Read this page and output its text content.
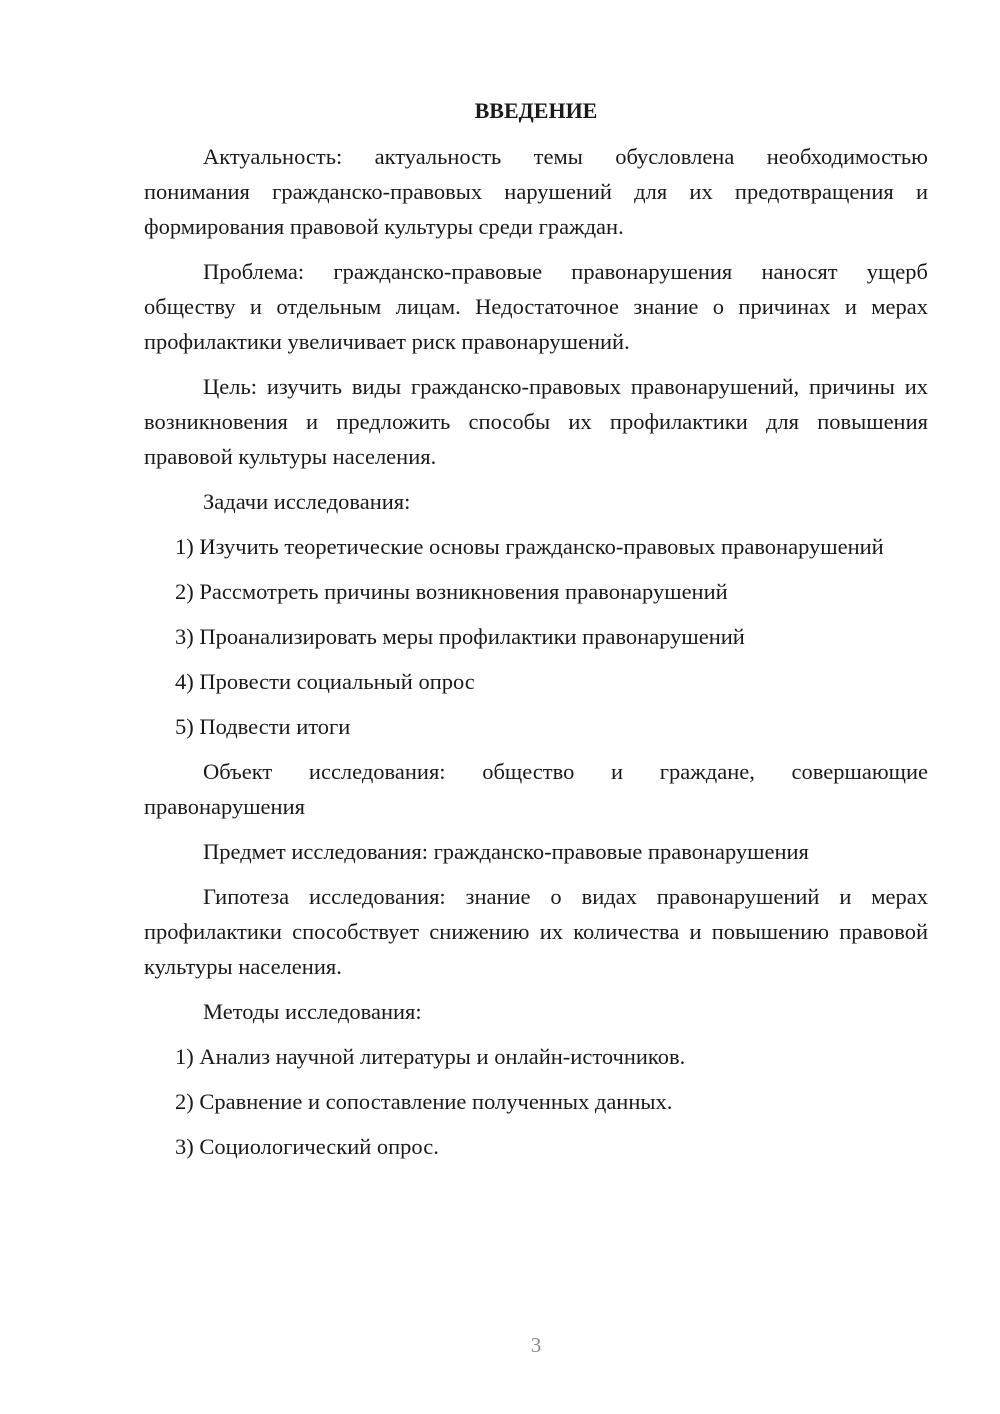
ВВЕДЕНИЕ

Актуальность: актуальность темы обусловлена необходимостью понимания гражданско-правовых нарушений для их предотвращения и формирования правовой культуры среди граждан.

Проблема: гражданско-правовые правонарушения наносят ущерб обществу и отдельным лицам. Недостаточное знание о причинах и мерах профилактики увеличивает риск правонарушений.

Цель: изучить виды гражданско-правовых правонарушений, причины их возникновения и предложить способы их профилактики для повышения правовой культуры населения.

Задачи исследования:

1) Изучить теоретические основы гражданско-правовых правонарушений

2) Рассмотреть причины возникновения правонарушений

3) Проанализировать меры профилактики правонарушений

4) Провести социальный опрос

5) Подвести итоги

Объект исследования: общество и граждане, совершающие правонарушения

Предмет исследования: гражданско-правовые правонарушения

Гипотеза исследования: знание о видах правонарушений и мерах профилактики способствует снижению их количества и повышению правовой культуры населения.

Методы исследования:

1) Анализ научной литературы и онлайн-источников.

2) Сравнение и сопоставление полученных данных.

3) Социологический опрос.

3
